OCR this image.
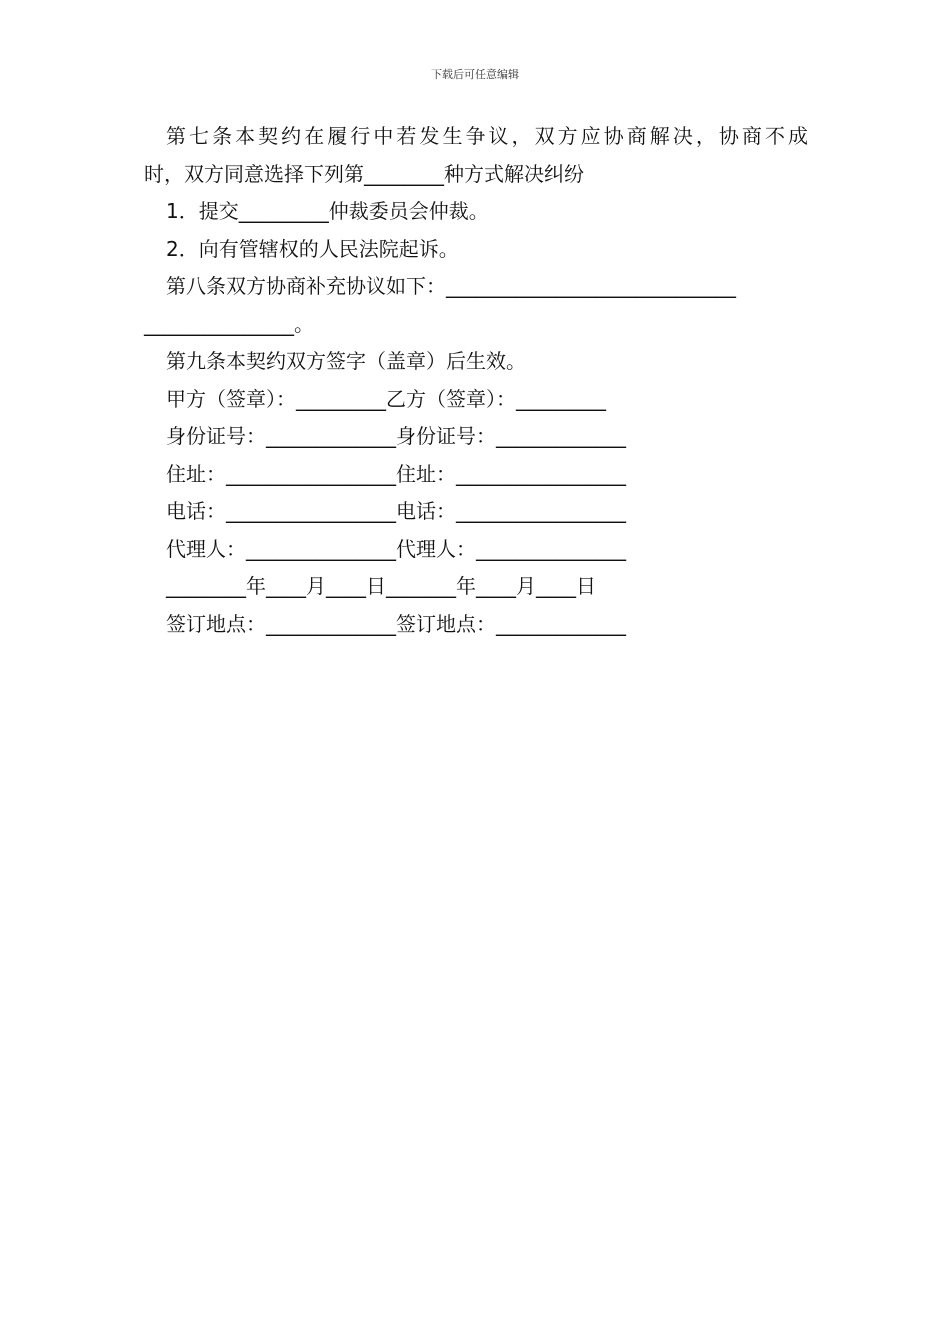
下载后可任意编辑
第七条本契约在履行中若发生争议，双方应协商解决，协商不成
时，双方同意选择下列第________种方式解决纠纷
1．提交_________仲裁委员会仲裁。
2．向有管辖权的人民法院起诉。
第八条双方协商补充协议如下：_____________________________
_______________。
第九条本契约双方签字（盖章）后生效。
甲方（签章）：_________乙方（签章）：_________
身份证号：_____________身份证号：_____________
住址：_________________住址：_________________
电话：_________________电话：_________________
代理人：_______________代理人：_______________
________年____月____日_______年____月____日
签订地点：_____________签订地点：_____________
